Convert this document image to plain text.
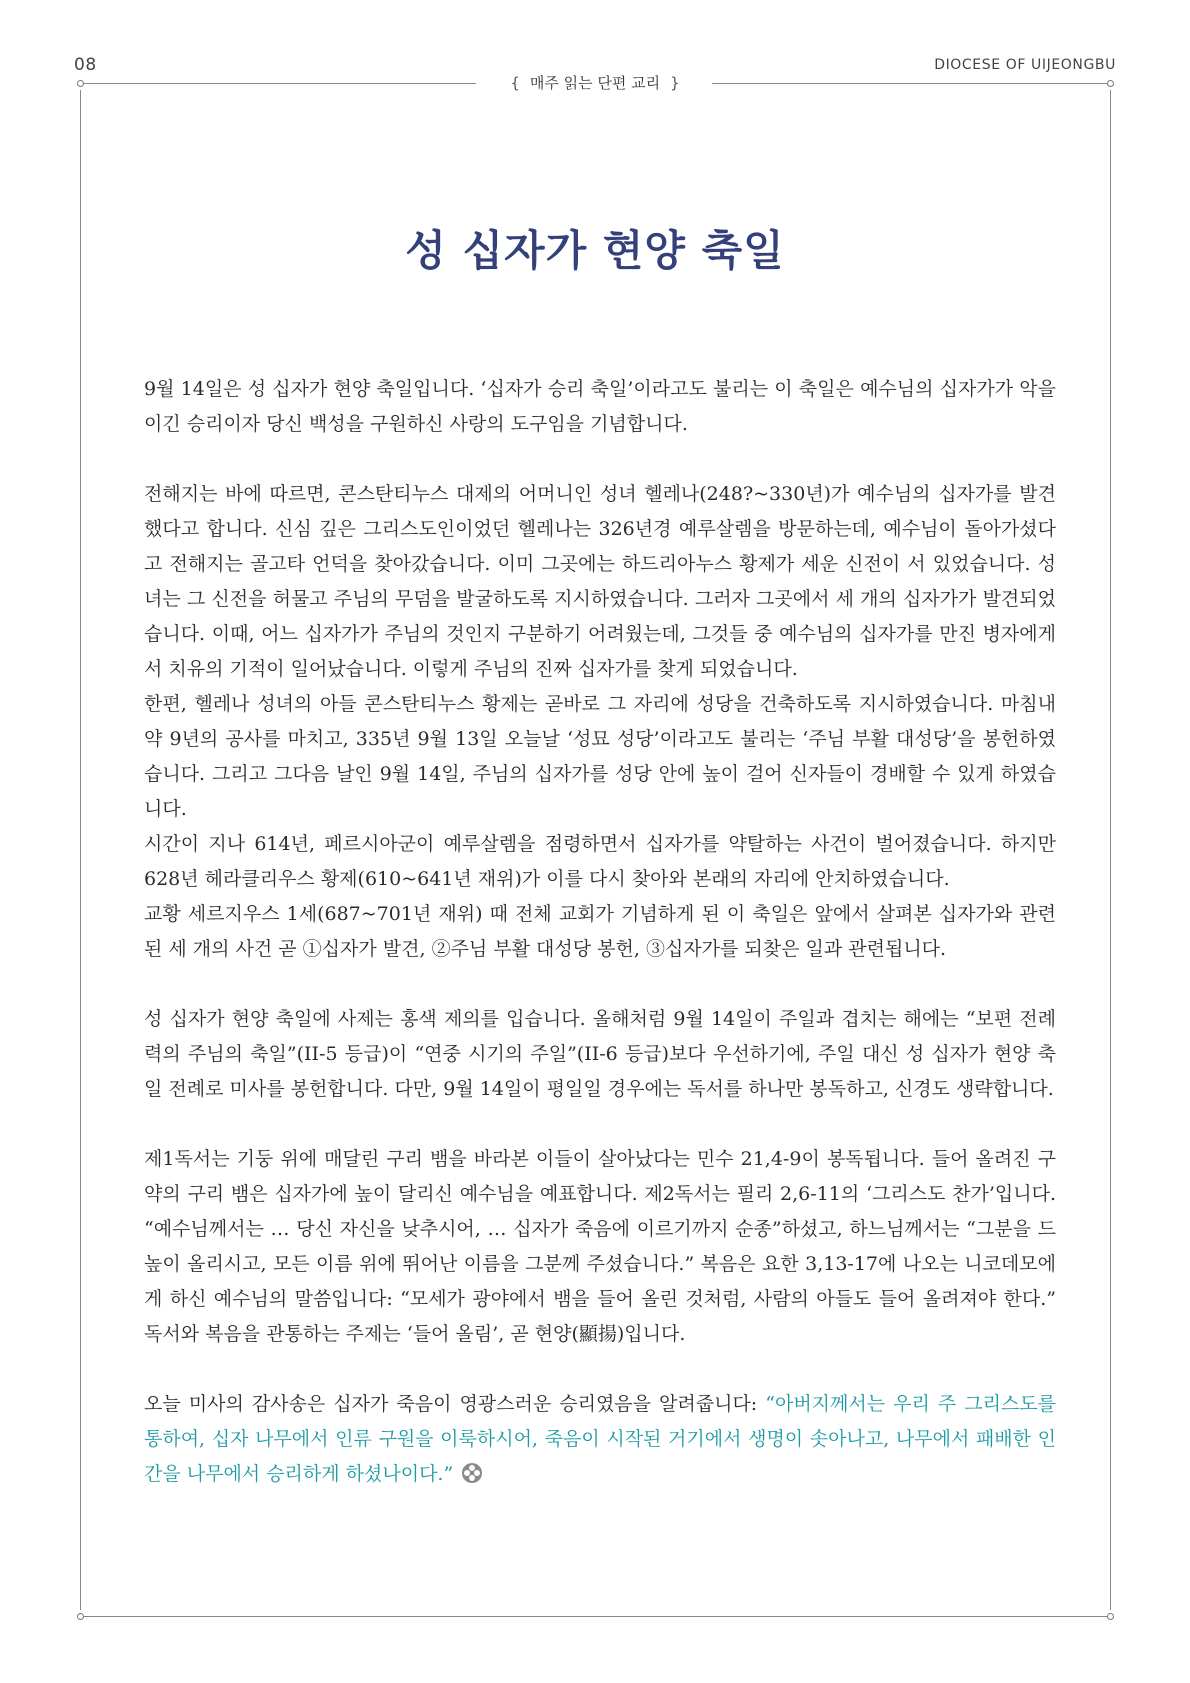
08	DIOCESE OF UIJEONGBU
{ 매주 읽는 단편 교리 }
성 십자가 현양 축일

9월 14일은 성 십자가 현양 축일입니다. ‘십자가 승리 축일’이라고도 불리는 이 축일은 예수님의 십자가가 악을 이긴 승리이자 당신 백성을 구원하신 사랑의 도구임을 기념합니다.

전해지는 바에 따르면, 콘스탄티누스 대제의 어머니인 성녀 헬레나(248?~330년)가 예수님의 십자가를 발견했다고 합니다. 신심 깊은 그리스도인이었던 헬레나는 326년경 예루살렘을 방문하는데, 예수님이 돌아가셨다고 전해지는 골고타 언덕을 찾아갔습니다. 이미 그곳에는 하드리아누스 황제가 세운 신전이 서 있었습니다. 성녀는 그 신전을 허물고 주님의 무덤을 발굴하도록 지시하였습니다. 그러자 그곳에서 세 개의 십자가가 발견되었습니다. 이때, 어느 십자가가 주님의 것인지 구분하기 어려웠는데, 그것들 중 예수님의 십자가를 만진 병자에게서 치유의 기적이 일어났습니다. 이렇게 주님의 진짜 십자가를 찾게 되었습니다.

한편, 헬레나 성녀의 아들 콘스탄티누스 황제는 곧바로 그 자리에 성당을 건축하도록 지시하였습니다. 마침내 약 9년의 공사를 마치고, 335년 9월 13일 오늘날 ‘성묘 성당’이라고도 불리는 ‘주님 부활 대성당’을 봉헌하였습니다. 그리고 그다음 날인 9월 14일, 주님의 십자가를 성당 안에 높이 걸어 신자들이 경배할 수 있게 하였습니다.

시간이 지나 614년, 페르시아군이 예루살렘을 점령하면서 십자가를 약탈하는 사건이 벌어졌습니다. 하지만 628년 헤라클리우스 황제(610~641년 재위)가 이를 다시 찾아와 본래의 자리에 안치하였습니다.

교황 세르지우스 1세(687~701년 재위) 때 전체 교회가 기념하게 된 이 축일은 앞에서 살펴본 십자가와 관련된 세 개의 사건 곧 ①십자가 발견, ②주님 부활 대성당 봉헌, ③십자가를 되찾은 일과 관련됩니다.

성 십자가 현양 축일에 사제는 홍색 제의를 입습니다. 올해처럼 9월 14일이 주일과 겹치는 해에는 “보편 전례력의 주님의 축일”(II-5 등급)이 “연중 시기의 주일”(II-6 등급)보다 우선하기에, 주일 대신 성 십자가 현양 축일 전례로 미사를 봉헌합니다. 다만, 9월 14일이 평일일 경우에는 독서를 하나만 봉독하고, 신경도 생략합니다.

제1독서는 기둥 위에 매달린 구리 뱀을 바라본 이들이 살아났다는 민수 21,4-9이 봉독됩니다. 들어 올려진 구약의 구리 뱀은 십자가에 높이 달리신 예수님을 예표합니다. 제2독서는 필리 2,6-11의 ‘그리스도 찬가’입니다. “예수님께서는 … 당신 자신을 낮추시어, … 십자가 죽음에 이르기까지 순종”하셨고, 하느님께서는 “그분을 드높이 올리시고, 모든 이름 위에 뛰어난 이름을 그분께 주셨습니다.” 복음은 요한 3,13-17에 나오는 니코데모에게 하신 예수님의 말씀입니다: “모세가 광야에서 뱀을 들어 올린 것처럼, 사람의 아들도 들어 올려져야 한다.” 독서와 복음을 관통하는 주제는 ‘들어 올림’, 곧 현양(顯揚)입니다.

오늘 미사의 감사송은 십자가 죽음이 영광스러운 승리였음을 알려줍니다: “아버지께서는 우리 주 그리스도를 통하여, 십자 나무에서 인류 구원을 이룩하시어, 죽음이 시작된 거기에서 생명이 솟아나고, 나무에서 패배한 인간을 나무에서 승리하게 하셨나이다.”
